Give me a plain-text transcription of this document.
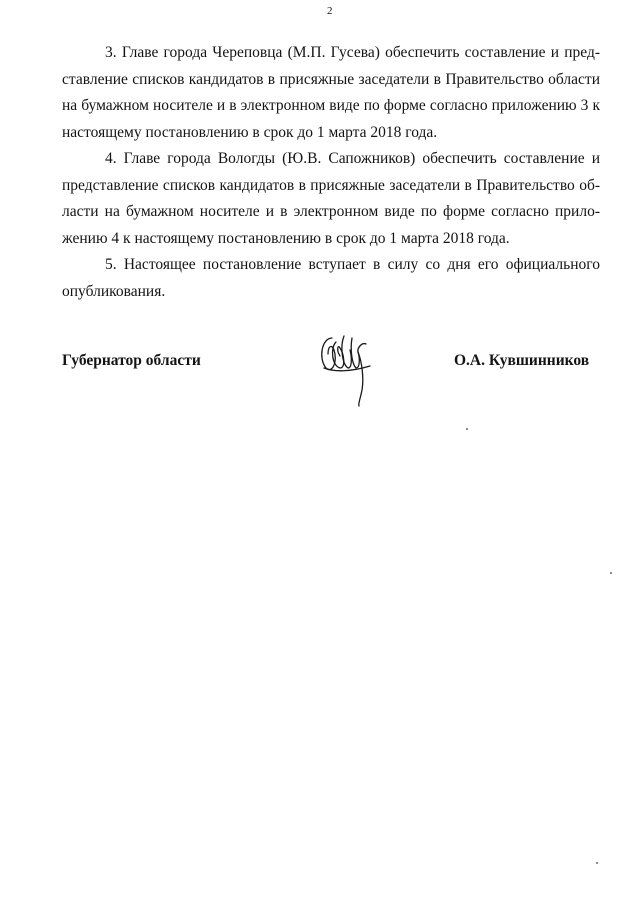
2
3. Главе города Череповца (М.П. Гусева) обеспечить составление и пред-
ставление списков кандидатов в присяжные заседатели в Правительство области
на бумажном носителе и в электронном виде по форме согласно приложению 3 к
настоящему постановлению в срок до 1 марта 2018 года.
4. Главе города Вологды (Ю.В. Сапожников) обеспечить составление и
представление списков кандидатов в присяжные заседатели в Правительство об-
ласти на бумажном носителе и в электронном виде по форме согласно прило-
жению 4 к настоящему постановлению в срок до 1 марта 2018 года.
5. Настоящее постановление вступает в силу со дня его официального
опубликования.
Губернатор области	О.А. Кувшинников
